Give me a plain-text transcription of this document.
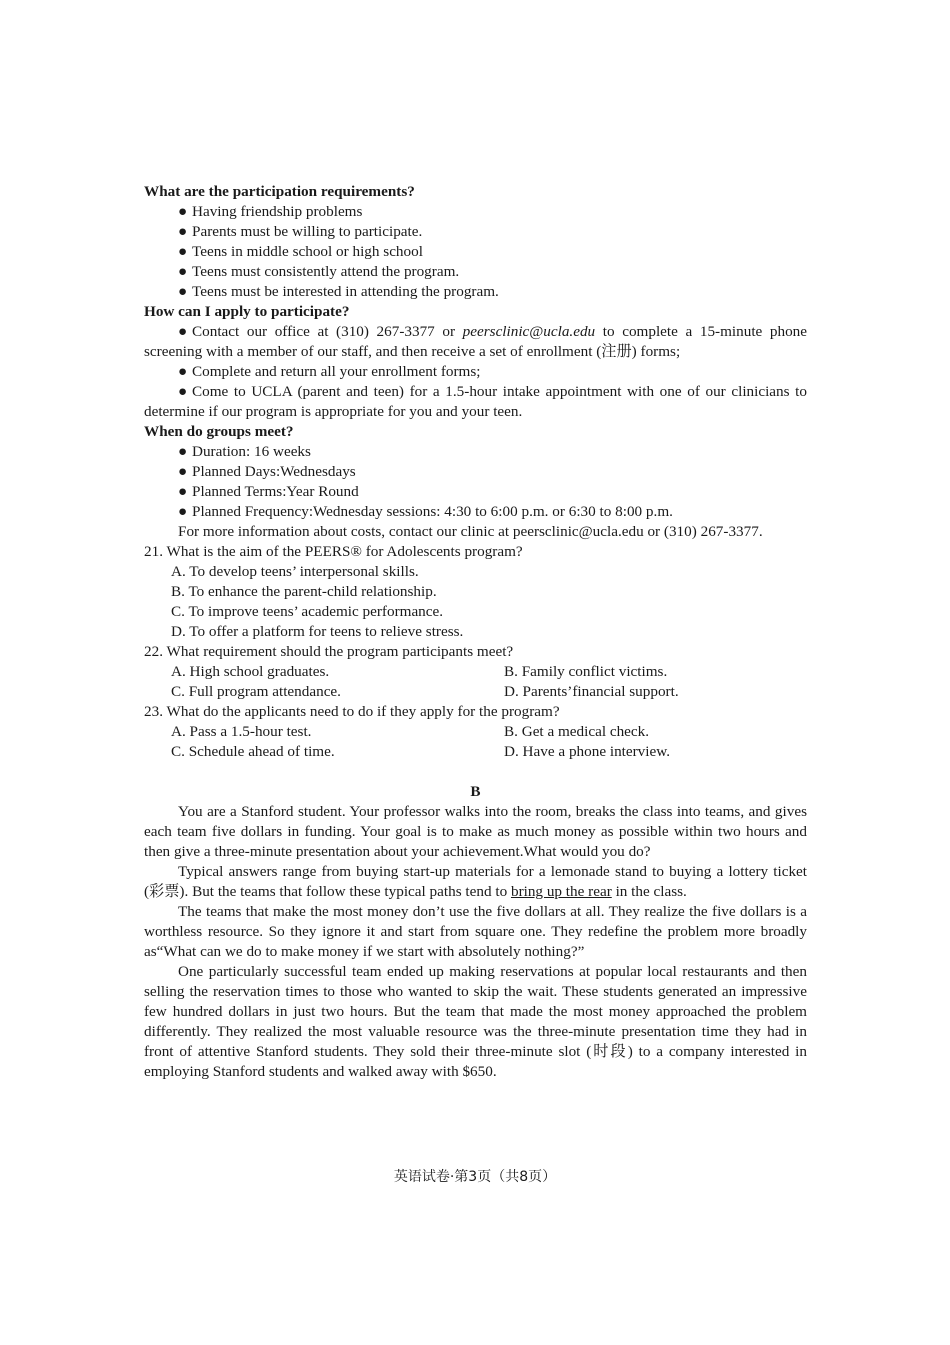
What are the participation requirements?

● Having friendship problems

● Parents must be willing to participate.

● Teens in middle school or high school

● Teens must consistently attend the program.

● Teens must be interested in attending the program.

How can I apply to participate?

● Contact our office at (310) 267-3377 or peersclinic@ucla.edu to complete a 15-minute phone screening with a member of our staff, and then receive a set of enrollment (注册) forms;

● Complete and return all your enrollment forms;

● Come to UCLA (parent and teen) for a 1.5-hour intake appointment with one of our clinicians to determine if our program is appropriate for you and your teen.

When do groups meet?

● Duration: 16 weeks

● Planned Days:Wednesdays

● Planned Terms:Year Round

● Planned Frequency:Wednesday sessions: 4:30 to 6:00 p.m. or 6:30 to 8:00 p.m.

For more information about costs, contact our clinic at peersclinic@ucla.edu or (310) 267-3377.

21. What is the aim of the PEERS® for Adolescents program?

A. To develop teens’ interpersonal skills.

B. To enhance the parent-child relationship.

C. To improve teens’ academic performance.

D. To offer a platform for teens to relieve stress.

22. What requirement should the program participants meet?

A. High school graduates.	B. Family conflict victims.
C. Full program attendance.	D. Parents’financial support.

23. What do the applicants need to do if they apply for the program?

A. Pass a 1.5-hour test.	B. Get a medical check.
C. Schedule ahead of time.	D. Have a phone interview.

B

You are a Stanford student. Your professor walks into the room, breaks the class into teams, and gives each team five dollars in funding. Your goal is to make as much money as possible within two hours and then give a three-minute presentation about your achievement.What would you do?

Typical answers range from buying start-up materials for a lemonade stand to buying a lottery ticket (彩票). But the teams that follow these typical paths tend to bring up the rear in the class.

The teams that make the most money don’t use the five dollars at all. They realize the five dollars is a worthless resource. So they ignore it and start from square one. They redefine the problem more broadly as“What can we do to make money if we start with absolutely nothing?”

One particularly successful team ended up making reservations at popular local restaurants and then selling the reservation times to those who wanted to skip the wait. These students generated an impressive few hundred dollars in just two hours. But the team that made the most money approached the problem differently. They realized the most valuable resource was the three-minute presentation time they had in front of attentive Stanford students. They sold their three-minute slot (时段) to a company interested in employing Stanford students and walked away with $650.

英语试卷·第3页（共8页）
